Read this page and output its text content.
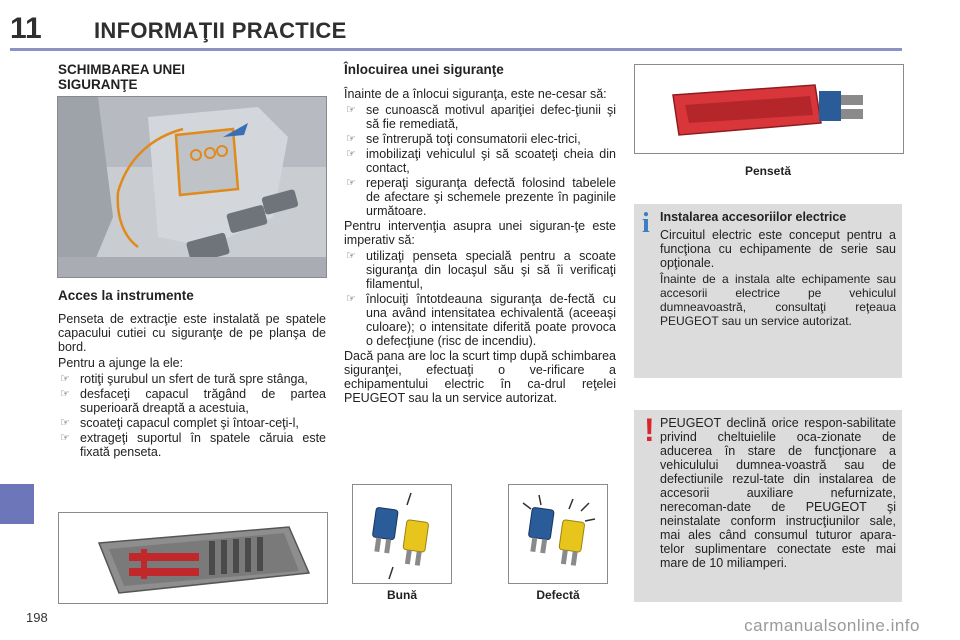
11 INFORMAŢII PRACTICE
198
SCHIMBAREA UNEI SIGURANŢE
Acces la instrumente

Penseta de extracţie este instalată pe spatele capacului cutiei cu siguranţe de pe planşa de bord.

Pentru a ajunge la ele:

☞ rotiţi şurubul un sfert de tură spre stânga,
☞ desfaceţi capacul trăgând de partea superioară dreaptă a acestuia,
☞ scoateţi capacul complet şi întoar-ceţi-l,
☞ extrageţi suportul în spatele căruia este fixată penseta.
Înlocuirea unei siguranţe

Înainte de a înlocui siguranţa, este ne-cesar să:

☞ se cunoască motivul apariţiei defec-ţiunii şi să fie remediată,
☞ se întrerupă toţi consumatorii elec-trici,
☞ imobilizaţi vehiculul şi să scoateţi cheia din contact,
☞ reperaţi siguranţa defectă folosind tabelele de afectare şi schemele prezente în paginile următoare.

Pentru intervenţia asupra unei siguran-ţe este imperativ să:

☞ utilizaţi penseta specială pentru a scoate siguranţa din locaşul său şi să îi verificaţi filamentul,
☞ înlocuiţi întotdeauna siguranţa de-fectă cu una având intensitatea echivalentă (aceeaşi culoare); o intensitate diferită poate provoca o defecţiune (risc de incendiu).

Dacă pana are loc la scurt timp după schimbarea siguranţei, efectuaţi o ve-rificare a echipamentului electric în ca-drul reţelei PEUGEOT sau la un service autorizat.

Bună	Defectă
Pensetă
i Instalarea accesoriilor electrice

Circuitul electric este conceput pentru a funcţiona cu echipamente de serie sau opţionale.

Înainte de a instala alte echipamente sau accesorii electrice pe vehiculul dumneavoastră, consultaţi reţeaua PEUGEOT sau un service autorizat.

! PEUGEOT declină orice respon-sabilitate privind cheltuielile oca-zionate de aducerea în stare de funcţionare a vehiculului dumnea-voastră sau de defectiunile rezul-tate din instalarea de accesorii auxiliare nefurnizate, nerecoman-date de PEUGEOT şi neinstalate conform instrucţiunilor sale, mai ales când consumul tuturor apara-telor suplimentare conectate este mai mare de 10 miliamperi.
carmanualsonline.info
